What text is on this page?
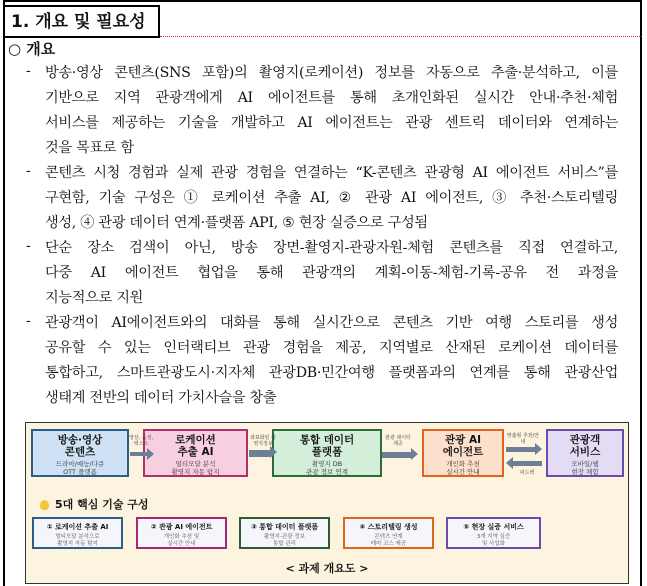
1. 개요 및 필요성
○ 개요
- 방송·영상 콘텐츠(SNS 포함)의 촬영지(로케이션) 정보를 자동으로 추출·분석하고, 이를
기반으로 지역 관광객에게 AI 에이전트를 통해 초개인화된 실시간 안내·추천·체험
서비스를 제공하는 기술을 개발하고 AI 에이전트는 관광 센트릭 데이터와 연계하는
것을 목표로 함
- 콘텐츠 시청 경험과 실제 관광 경험을 연결하는 “K-콘텐츠 관광형 AI 에이전트 서비스”를
구현함, 기술 구성은 ① 로케이션 추출 AI, ② 관광 AI 에이전트, ③ 추천·스토리텔링
생성, ④ 관광 데이터 연계·플랫폼 API, ⑤ 현장 실증으로 구성됨
- 단순 장소 검색이 아닌, 방송 장면-촬영지-관광자원-체험 콘텐츠를 직접 연결하고,
다중 AI 에이전트 협업을 통해 관광객의 계획-이동-체험-기록-공유 전 과정을
지능적으로 지원
- 관광객이 AI에이전트와의 대화를 통해 실시간으로 콘텐츠 기반 여행 스토리를 생성
공유할 수 있는 인터랙티브 관광 경험을 제공, 지역별로 산재된 로케이션 데이터를
통합하고, 스마트관광도시·지자체 관광DB·민간여행 플랫폼과의 연계를 통해 관광산업
생태계 전반의 데이터 가치사슬을 창출
방송·영상
콘텐츠
드라마/예능/다큐
OTT 플랫폼
로케이션
추출 AI
멀티모달 분석
촬영지 자동 탐지
통합 데이터
플랫폼
촬영지 DB
관광 정보 연계
관광 AI
에이전트
개인화 추천
실시간 안내
관광객
서비스
모바일/웹
현장 체험
영상, 음성, 텍스트
좌표화된 촬영지정보
관광 데이터 제공
맞춤형 추천/안내
피드백
5대 핵심 기술 구성
① 로케이션 추출 AI
멀티모달 분석으로
촬영지 자동 탐지
② 관광 AI 에이전트
개인화 추천 및
실시간 안내
③ 통합 데이터 플랫폼
촬영지-관광 정보
통합 관리
④ 스토리텔링 생성
콘텐츠 연계
테마 코스 제공
⑤ 현장 실증 서비스
3개 지역 실증
및 사업화
< 과제 개요도 >
